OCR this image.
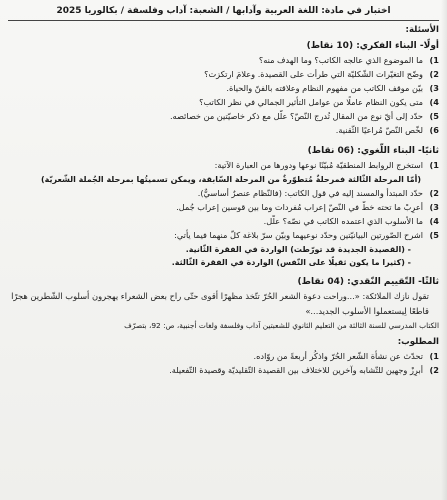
اختبار في مادة: اللغة العربية وآدابها / الشعبة: آداب وفلسفة / بكالوريا 2025
الأسئلة:
أولًا- البناء الفكري: (10 نقاط)
1 )
ما الموضوع الذي عالجه الكاتب؟ وما الهدف منه؟
2 )
وضّح التغيّرات الشّكليّة التي طرأت على القصيدة. وعلامَ ارتكزت؟
3 )
بيّن موقف الكاتب من مفهوم النظام وعلاقته بالفنّ والحياة.
4 )
متى يكون النظام عاملًا من عوامل التأثير الجمالي في نظر الكاتب؟
5 )
حدّد إلى أيّ نوع من المقال تُدرج النّصّ؟ علّل مع ذكر خاصيّتين من خصائصه.
6 )
لخّص النّصّ مُراعيًا الثّقنية.
ثانيًا- البناء اللّغوي: (06 نقاط)
1 )
استخرج الروابط المنطقيّة مُبيّنًا نوعها ودورها من العبارة الآتية:
(أمّا المرحلة الثّالثة فمرحلةٌ مُتطوّرةٌ من المرحلة السّابقة، ويمكن تسميتُها بمرحلة الجُملة الشّعريّة)
2 )
حدّد المبتدأ والمسند إليه في قول الكاتب: (فالنّظام عنصرٌ أساسيٌّ).
3 )
أعرِبْ ما تحته خطّ في النّصّ إعراب مُفردات وما بين قوسين إعراب جُمل.
4 )
ما الأسلوب الذي اعتمده الكاتب في نصّه؟ علّل.
5 )
اشرح الصّورتين البيانيّتين وحدّد نوعيهما وبيّن سرّ بلاغة كلّ منهما فيما يأتي:
- (القصيدة الجديدة قد تورّطت) الواردة في الفقرة الثّانية.
- (كثيرا ما يكون ثقيلًا على النّفس) الواردة في الفقرة الثّالثة.
ثالثًا- التّقييم النّقدي: (04 نقاط)
تقول نازك الملائكة: «...وراحت دعوة الشعر الحُرّ تتّخذ مظهرًا أقوى حتّى راح بعض الشعراء يهجرون أسلوب الشّطرين هجرًا قاطعًا لِيستعملوا الأسلوب الجديد...»
الكتاب المدرسي للسنة الثالثة من التعليم الثانوي للشعبتين آداب وفلسفة ولغات أجنبية، ص: 92، بتصرّف
المطلوب:
1 )
تحدّث عن نشأة الشّعر الحُرّ واذكُر أربعةً من روّاده.
2 )
أبرِزْ وجهين للتّشابه وآخرين للاختلاف بين القصيدة التّقليديّة وقصيدة التّفعيلة.
